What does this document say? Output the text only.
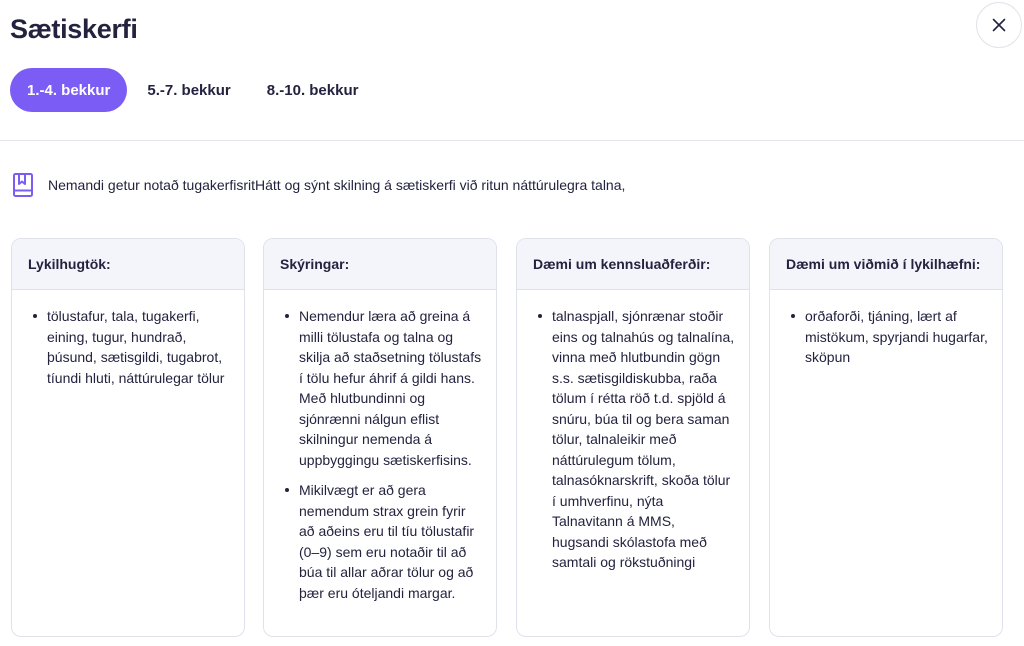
Sætiskerfi
1.-4. bekkur	5.-7. bekkur	8.-10. bekkur
Nemandi getur notað tugakerfisritHátt og sýnt skilning á sætiskerfi við ritun náttúrulegra talna,
Lykilhugtök:
tölustafur, tala, tugakerfi, eining, tugur, hundrað, þúsund, sætisgildi, tugabrot, tíundi hluti, náttúrulegar tölur
Skýringar:
Nemendur læra að greina á milli tölustafa og talna og skilja að staðsetning tölustafs í tölu hefur áhrif á gildi hans. Með hlutbundinni og sjónrænni nálgun eflist skilningur nemenda á uppbyggingu sætiskerfisins.
Mikilvægt er að gera nemendum strax grein fyrir að aðeins eru til tíu tölustafir (0–9) sem eru notaðir til að búa til allar aðrar tölur og að þær eru óteljandi margar.
Dæmi um kennsluaðferðir:
talnaspjall, sjónrænar stoðir eins og talnahús og talnalína, vinna með hlutbundin gögn s.s. sætisgildiskubba, raða tölum í rétta röð t.d. spjöld á snúru, búa til og bera saman tölur, talnaleikir með náttúrulegum tölum, talnasóknarskrift, skoða tölur í umhverfinu, nýta Talnavitann á MMS, hugsandi skólastofa með samtali og rökstuðningi
Dæmi um viðmið í lykilhæfni:
orðaforði, tjáning, lært af mistökum, spyrjandi hugarfar, sköpun
